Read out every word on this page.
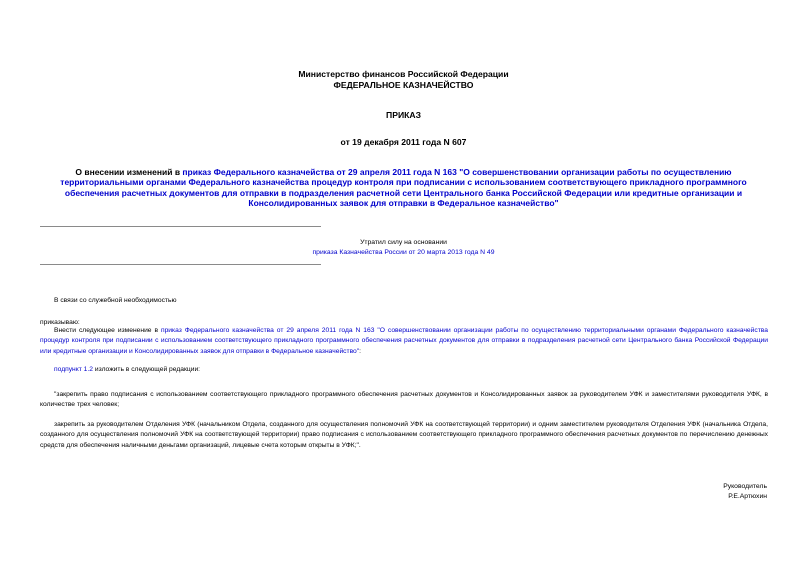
Министерство финансов Российской Федерации
ФЕДЕРАЛЬНОЕ КАЗНАЧЕЙСТВО
ПРИКАЗ
от 19 декабря 2011 года N 607
О внесении изменений в приказ Федерального казначейства от 29 апреля 2011 года N 163 "О совершенствовании организации работы по осуществлению территориальными органами Федерального казначейства процедур контроля при подписании с использованием соответствующего прикладного программного обеспечения расчетных документов для отправки в подразделения расчетной сети Центрального банка Российской Федерации или кредитные организации и Консолидированных заявок для отправки в Федеральное казначейство"
Утратил силу на основании
приказа Казначейства России от 20 марта 2013 года N 49
В связи со служебной необходимостью
приказываю:
Внести следующее изменение в приказ Федерального казначейства от 29 апреля 2011 года N 163 "О совершенствовании организации работы по осуществлению территориальными органами Федерального казначейства процедур контроля при подписании с использованием соответствующего прикладного программного обеспечения расчетных документов для отправки в подразделения расчетной сети Центрального банка Российской Федерации или кредитные организации и Консолидированных заявок для отправки в Федеральное казначейство":
подпункт 1.2 изложить в следующей редакции:
"закрепить право подписания с использованием соответствующего прикладного программного обеспечения расчетных документов и Консолидированных заявок за руководителем УФК и заместителями руководителя УФК, в количестве трех человек;
закрепить за руководителем Отделения УФК (начальником Отдела, созданного для осуществления полномочий УФК на соответствующей территории) и одним заместителем руководителя Отделения УФК (начальника Отдела, созданного для осуществления полномочий УФК на соответствующей территории) право подписания с использованием соответствующего прикладного программного обеспечения расчетных документов по перечислению денежных средств для обеспечения наличными деньгами организаций, лицевые счета которым открыты в УФК;".
Руководитель
Р.Е.Артюхин
